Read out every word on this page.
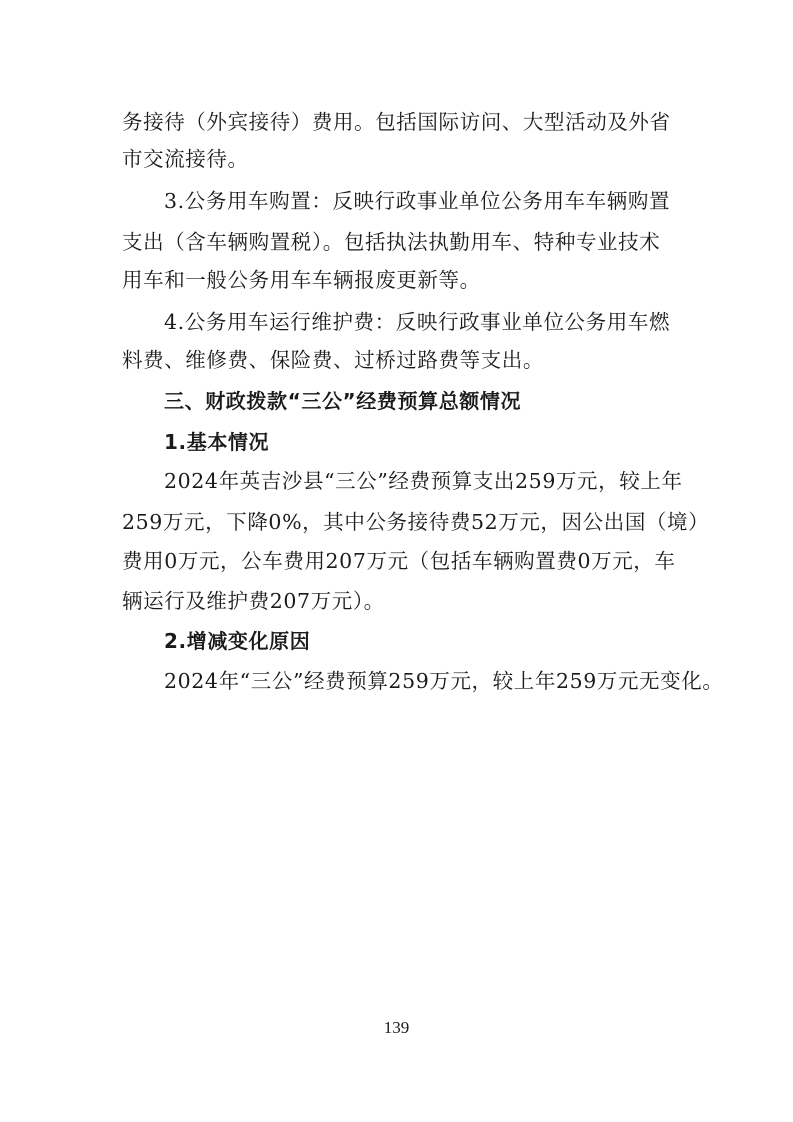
务接待（外宾接待）费用。包括国际访问、大型活动及外省
市交流接待。
3.公务用车购置：反映行政事业单位公务用车车辆购置
支出（含车辆购置税）。包括执法执勤用车、特种专业技术
用车和一般公务用车车辆报废更新等。
4.公务用车运行维护费：反映行政事业单位公务用车燃
料费、维修费、保险费、过桥过路费等支出。
三、财政拨款“三公”经费预算总额情况
1.基本情况
2024年英吉沙县“三公”经费预算支出259万元，较上年
259万元，下降0%，其中公务接待费52万元，因公出国（境）
费用0万元，公车费用207万元（包括车辆购置费0万元，车
辆运行及维护费207万元）。
2.增减变化原因
2024年“三公”经费预算259万元，较上年259万元无变化。
139
